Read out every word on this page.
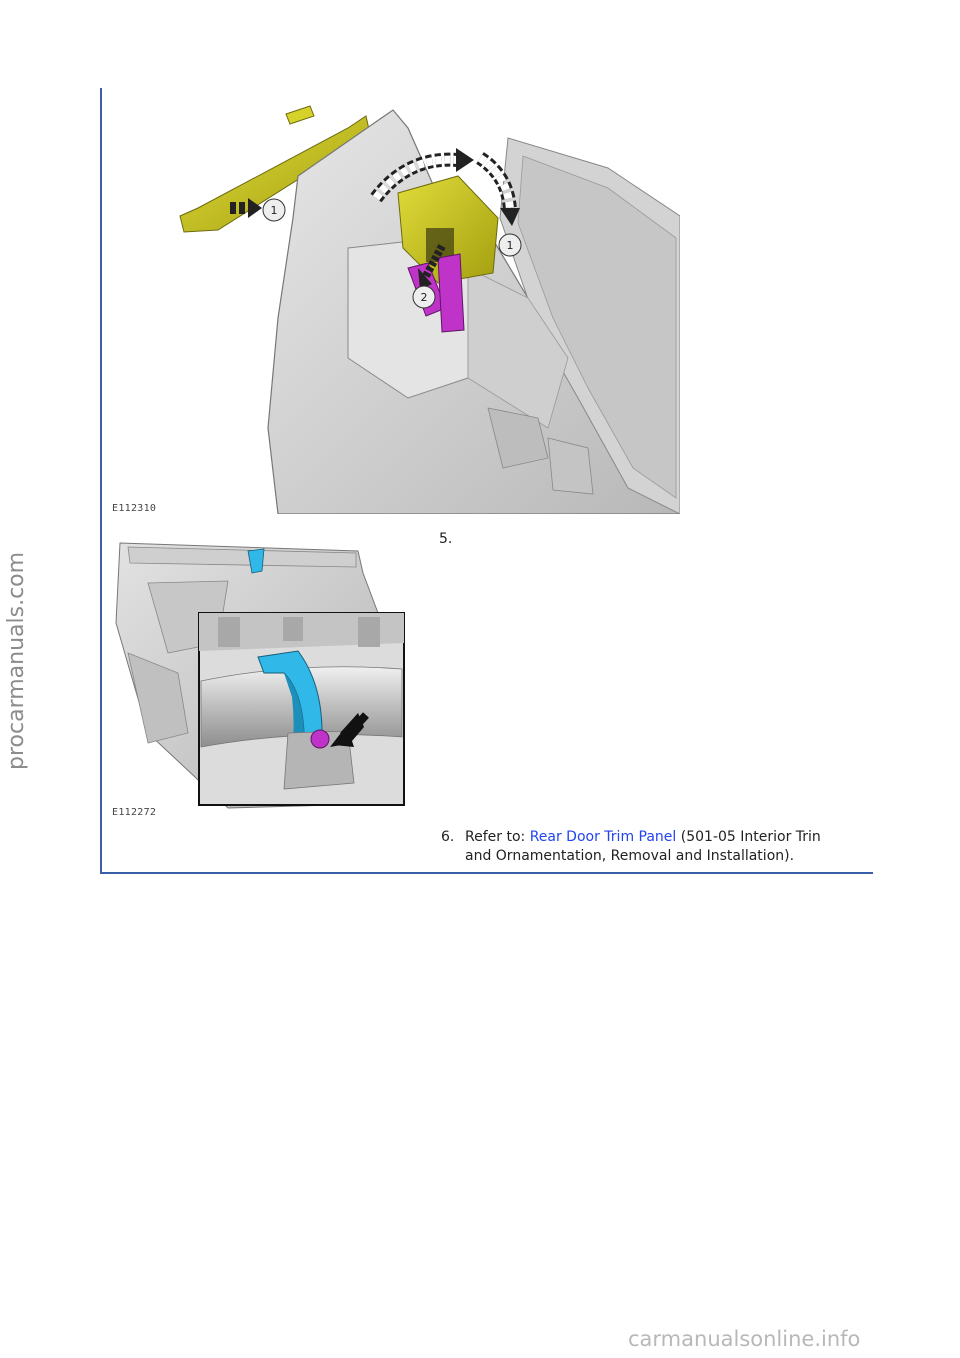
procarmanuals.com
1
1
2
E112310
E112272
5.
6. Refer to: Rear Door Trim Panel (501-05 Interior Trin
and Ornamentation, Removal and Installation).
carmanualsonline.info
